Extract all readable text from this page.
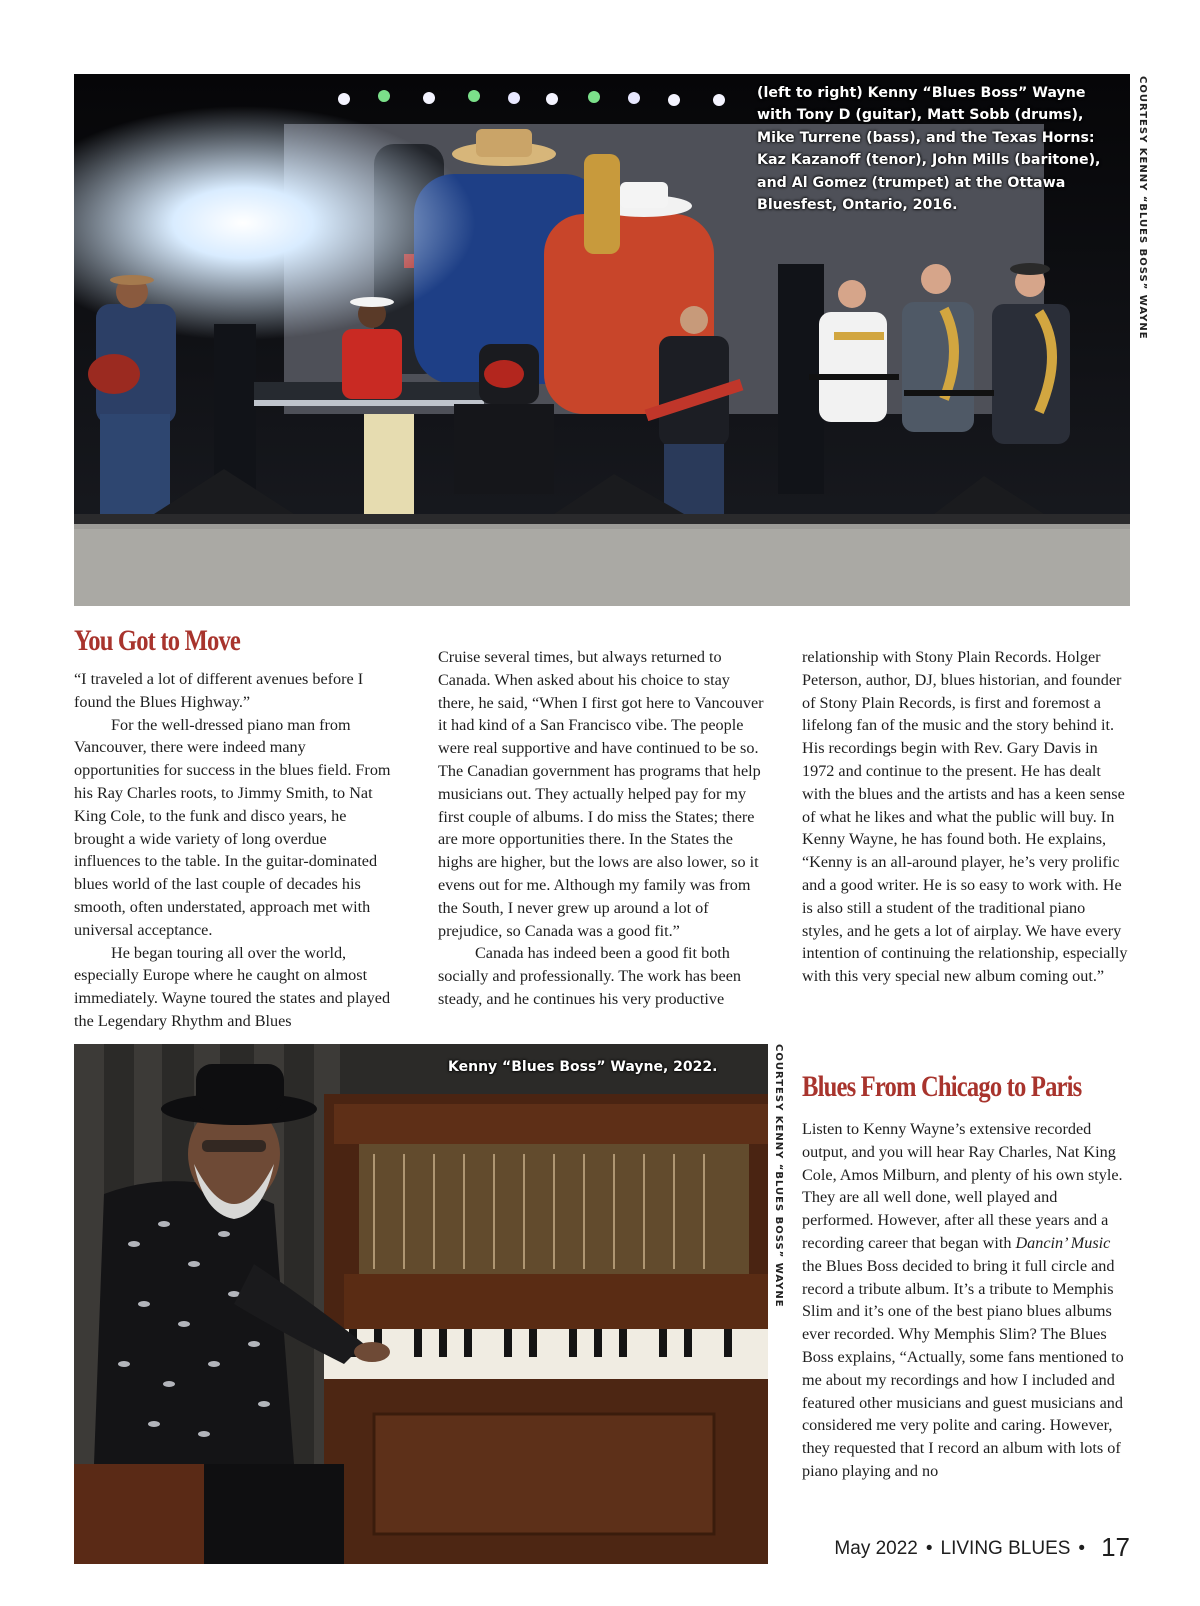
(left to right) Kenny “Blues Boss” Wayne with Tony D (guitar), Matt Sobb (drums), Mike Turrene (bass), and the Texas Horns: Kaz Kazanoff (tenor), John Mills (baritone), and Al Gomez (trumpet) at the Ottawa Bluesfest, Ontario, 2016.	COURTESY KENNY “BLUES BOSS” WAYNE
You Got to Move

“I traveled a lot of different avenues before I found the Blues Highway.”

For the well-dressed piano man from Vancouver, there were indeed many opportunities for success in the blues field. From his Ray Charles roots, to Jimmy Smith, to Nat King Cole, to the funk and disco years, he brought a wide variety of long overdue influences to the table. In the guitar-dominated blues world of the last couple of decades his smooth, often understated, approach met with universal acceptance.

He began touring all over the world, especially Europe where he caught on almost immediately. Wayne toured the states and played the Legendary Rhythm and Blues

Cruise several times, but always returned to Canada. When asked about his choice to stay there, he said, “When I first got here to Vancouver it had kind of a San Francisco vibe. The people were real supportive and have continued to be so. The Canadian government has programs that help musicians out. They actually helped pay for my first couple of albums. I do miss the States; there are more opportunities there. In the States the highs are higher, but the lows are also lower, so it evens out for me. Although my family was from the South, I never grew up around a lot of prejudice, so Canada was a good fit.”

Canada has indeed been a good fit both socially and professionally. The work has been steady, and he continues his very productive

relationship with Stony Plain Records. Holger Peterson, author, DJ, blues historian, and founder of Stony Plain Records, is first and foremost a lifelong fan of the music and the story behind it. His recordings begin with Rev. Gary Davis in 1972 and continue to the present. He has dealt with the blues and the artists and has a keen sense of what he likes and what the public will buy. In Kenny Wayne, he has found both. He explains, “Kenny is an all-around player, he’s very prolific and a good writer. He is so easy to work with. He is also still a student of the traditional piano styles, and he gets a lot of airplay. We have every intention of continuing the relationship, especially with this very special new album coming out.”

Kenny “Blues Boss” Wayne, 2022.	COURTESY KENNY “BLUES BOSS” WAYNE Blues From Chicago to Paris

Listen to Kenny Wayne’s extensive recorded output, and you will hear Ray Charles, Nat King Cole, Amos Milburn, and plenty of his own style. They are all well done, well played and performed. However, after all these years and a recording career that began with Dancin’ Music the Blues Boss decided to bring it full circle and record a tribute album. It’s a tribute to Memphis Slim and it’s one of the best piano blues albums ever recorded. Why Memphis Slim? The Blues Boss explains, “Actually, some fans mentioned to me about my recordings and how I included and featured other musicians and guest musicians and considered me very polite and caring. However, they requested that I record an album with lots of piano playing and no

May 2022 • LIVING BLUES • 17
